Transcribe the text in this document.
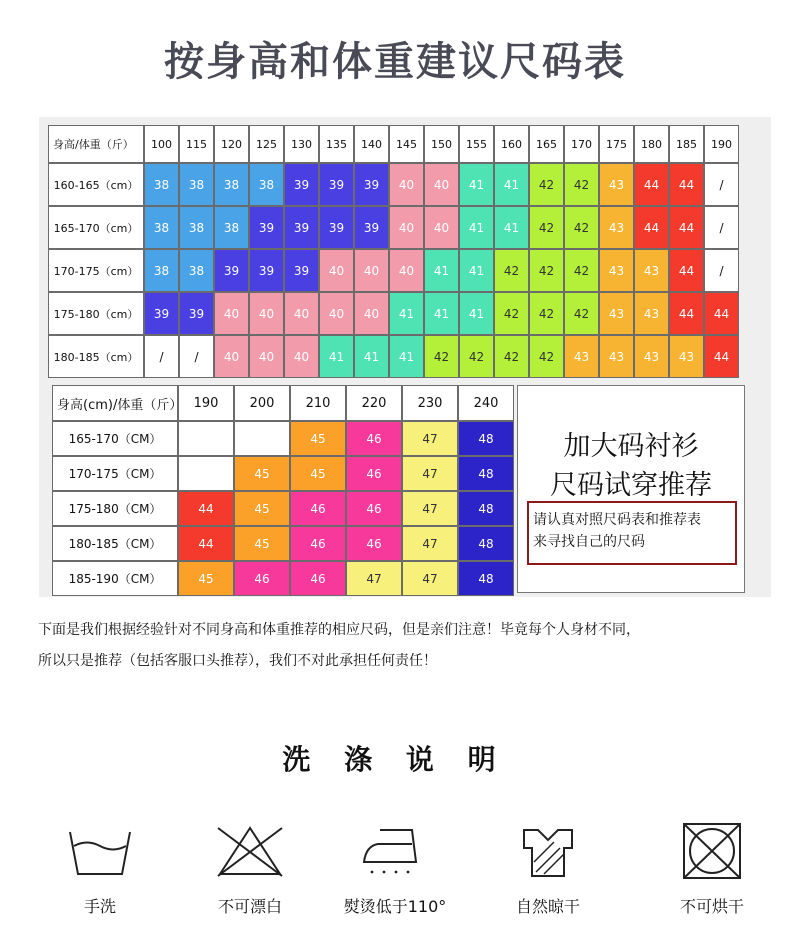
按身高和体重建议尺码表
身高/体重（斤）	100	115	120	125	130	135	140	145	150	155	160	165	170	175	180	185	190
160-165（cm）	38	38	38	38	39	39	39	40	40	41	41	42	42	43	44	44	/
165-170（cm）	38	38	38	39	39	39	39	40	40	41	41	42	42	43	44	44	/
170-175（cm）	38	38	39	39	39	40	40	40	41	41	42	42	42	43	43	44	/
175-180（cm）	39	39	40	40	40	40	40	41	41	41	42	42	42	43	43	44	44

180-185（cm）	/	/	40	40	40	41	41	41	42	42	42	42	43	43	43	43	44
身高(cm)/体重（斤）	190	200	210	220	230	240
165-170（CM）			45	46	47	48

170-175（CM）		45	45	46	47	48

175-180（CM）	44	45	46	46	47	48

180-185（CM）	44	45	46	46	47	48

185-190（CM）	45	46	46	47	47	48
加大码衬衫
尺码试穿推荐
请认真对照尺码表和推荐表
来寻找自己的尺码
下面是我们根据经验针对不同身高和体重推荐的相应尺码，但是亲们注意！毕竟每个人身材不同，
所以只是推荐（包括客服口头推荐），我们不对此承担任何责任！
洗 涤 说 明
手洗	不可漂白	熨烫低于110°	自然晾干	不可烘干
